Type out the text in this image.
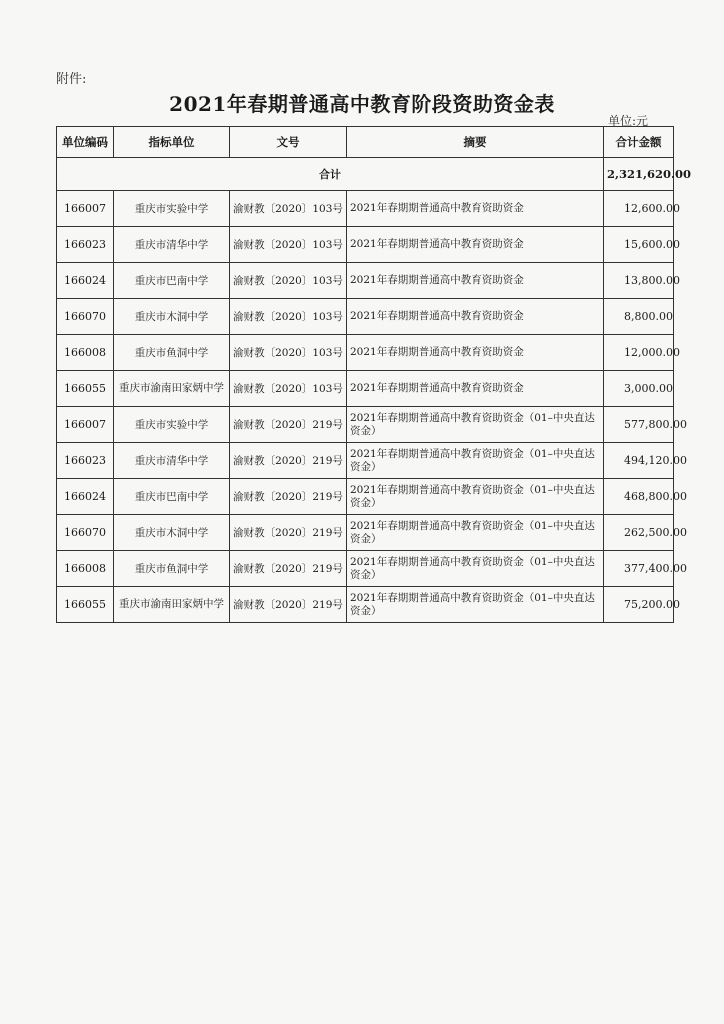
附件:
2021年春期普通高中教育阶段资助资金表
单位:元
单位编码	指标单位	文号	摘要	合计金额
合计				2,321,620.00
166007	重庆市实验中学	渝财教〔2020〕103号	2021年春期期普通高中教育资助资金	12,600.00
166023	重庆市清华中学	渝财教〔2020〕103号	2021年春期期普通高中教育资助资金	15,600.00
166024	重庆市巴南中学	渝财教〔2020〕103号	2021年春期期普通高中教育资助资金	13,800.00
166070	重庆市木洞中学	渝财教〔2020〕103号	2021年春期期普通高中教育资助资金	8,800.00
166008	重庆市鱼洞中学	渝财教〔2020〕103号	2021年春期期普通高中教育资助资金	12,000.00
166055	重庆市渝南田家炳中学	渝财教〔2020〕103号	2021年春期期普通高中教育资助资金	3,000.00
166007	重庆市实验中学	渝财教〔2020〕219号	2021年春期期普通高中教育资助资金（01–中央直达资金）	577,800.00
166023	重庆市清华中学	渝财教〔2020〕219号	2021年春期期普通高中教育资助资金（01–中央直达资金）	494,120.00
166024	重庆市巴南中学	渝财教〔2020〕219号	2021年春期期普通高中教育资助资金（01–中央直达资金）	468,800.00
166070	重庆市木洞中学	渝财教〔2020〕219号	2021年春期期普通高中教育资助资金（01–中央直达资金）	262,500.00
166008	重庆市鱼洞中学	渝财教〔2020〕219号	2021年春期期普通高中教育资助资金（01–中央直达资金）	377,400.00
166055	重庆市渝南田家炳中学	渝财教〔2020〕219号	2021年春期期普通高中教育资助资金（01–中央直达资金）	75,200.00
